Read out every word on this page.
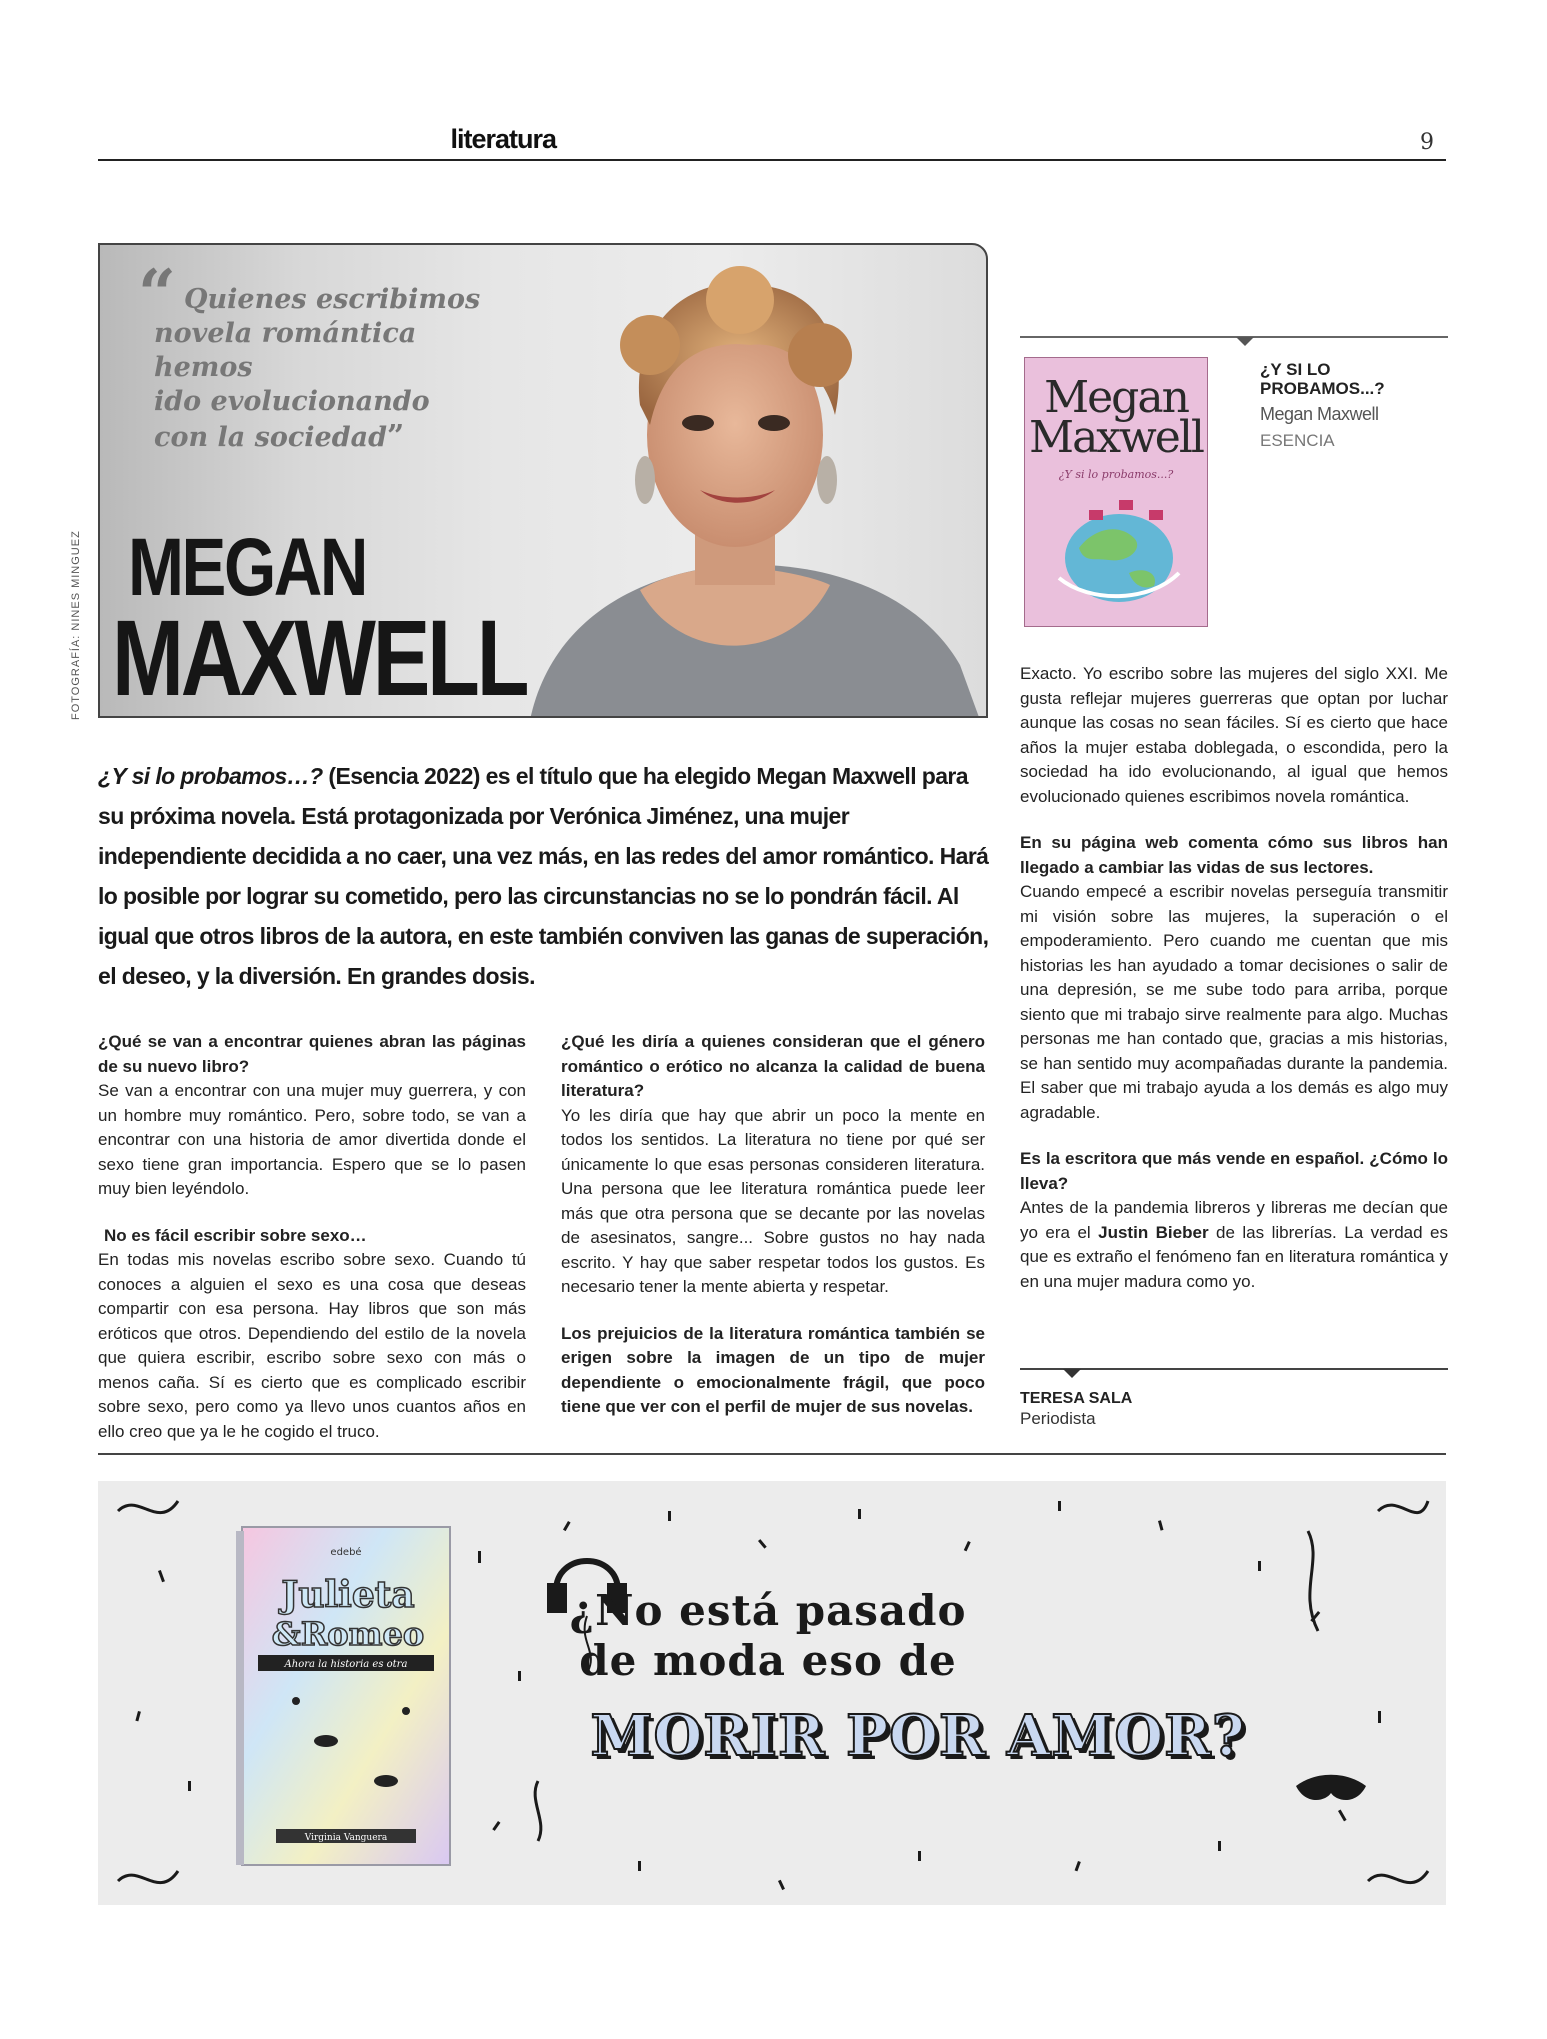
literatura	9
FOTOGRAFÍA: NINES MINGUEZ
Quienes escribimos
novela romántica hemos
ido evolucionando
con la sociedad”
“
MEGAN
MAXWELL
¿Y si lo probamos…? (Esencia 2022) es el título que ha elegido Megan Maxwell para su próxima novela. Está protagonizada por Verónica Jiménez, una mujer independiente decidida a no caer, una vez más, en las redes del amor romántico. Hará lo posible por lograr su cometido, pero las circunstancias no se lo pondrán fácil. Al igual que otros libros de la autora, en este también conviven las ganas de superación, el deseo, y la diversión. En grandes dosis.

¿Qué se van a encontrar quienes abran las páginas de su nuevo libro?
Se van a encontrar con una mujer muy guerrera, y con un hombre muy romántico. Pero, sobre todo, se van a encontrar con una historia de amor divertida donde el sexo tiene gran importancia. Espero que se lo pasen muy bien leyéndolo.

No es fácil escribir sobre sexo…
En todas mis novelas escribo sobre sexo. Cuando tú conoces a alguien el sexo es una cosa que deseas compartir con esa persona. Hay libros que son más eróticos que otros. Dependiendo del estilo de la novela que quiera escribir, escribo sobre sexo con más o menos caña. Sí es cierto que es complicado escribir sobre sexo, pero como ya llevo unos cuantos años en ello creo que ya le he cogido el truco.

¿Qué les diría a quienes consideran que el género romántico o erótico no alcanza la calidad de buena literatura?
Yo les diría que hay que abrir un poco la mente en todos los sentidos. La literatura no tiene por qué ser únicamente lo que esas personas consideren literatura. Una persona que lee literatura romántica puede leer más que otra persona que se decante por las novelas de asesinatos, sangre... Sobre gustos no hay nada escrito. Y hay que saber respetar todos los gustos. Es necesario tener la mente abierta y respetar.

Los prejuicios de la literatura romántica también se erigen sobre la imagen de un tipo de mujer dependiente o emocionalmente frágil, que poco tiene que ver con el perfil de mujer de sus novelas.

Megan
Maxwell
¿Y si lo probamos...?
¿Y SI LO PROBAMOS...?
Megan Maxwell
ESENCIA

Exacto. Yo escribo sobre las mujeres del siglo XXI. Me gusta reflejar mujeres guerreras que optan por luchar aunque las cosas no sean fáciles. Sí es cierto que hace años la mujer estaba doblegada, o escondida, pero la sociedad ha ido evolucionando, al igual que hemos evolucionado quienes escribimos novela romántica.

En su página web comenta cómo sus libros han llegado a cambiar las vidas de sus lectores.
Cuando empecé a escribir novelas perseguía transmitir mi visión sobre las mujeres, la superación o el empoderamiento. Pero cuando me cuentan que mis historias les han ayudado a tomar decisiones o salir de una depresión, se me sube todo para arriba, porque siento que mi trabajo sirve realmente para algo. Muchas personas me han contado que, gracias a mis historias, se han sentido muy acompañadas durante la pandemia. El saber que mi trabajo ayuda a los demás es algo muy agradable.

Es la escritora que más vende en español. ¿Cómo lo lleva?
Antes de la pandemia libreros y libreras me decían que yo era el Justin Bieber de las librerías. La verdad es que es extraño el fenómeno fan en literatura romántica y en una mujer madura como yo.

TERESA SALA
Periodista
edebé
Julieta
&Romeo
Ahora la historia es otra
Virginia Vanguera
¿No está pasado
de moda eso de
MORIR POR AMOR?
